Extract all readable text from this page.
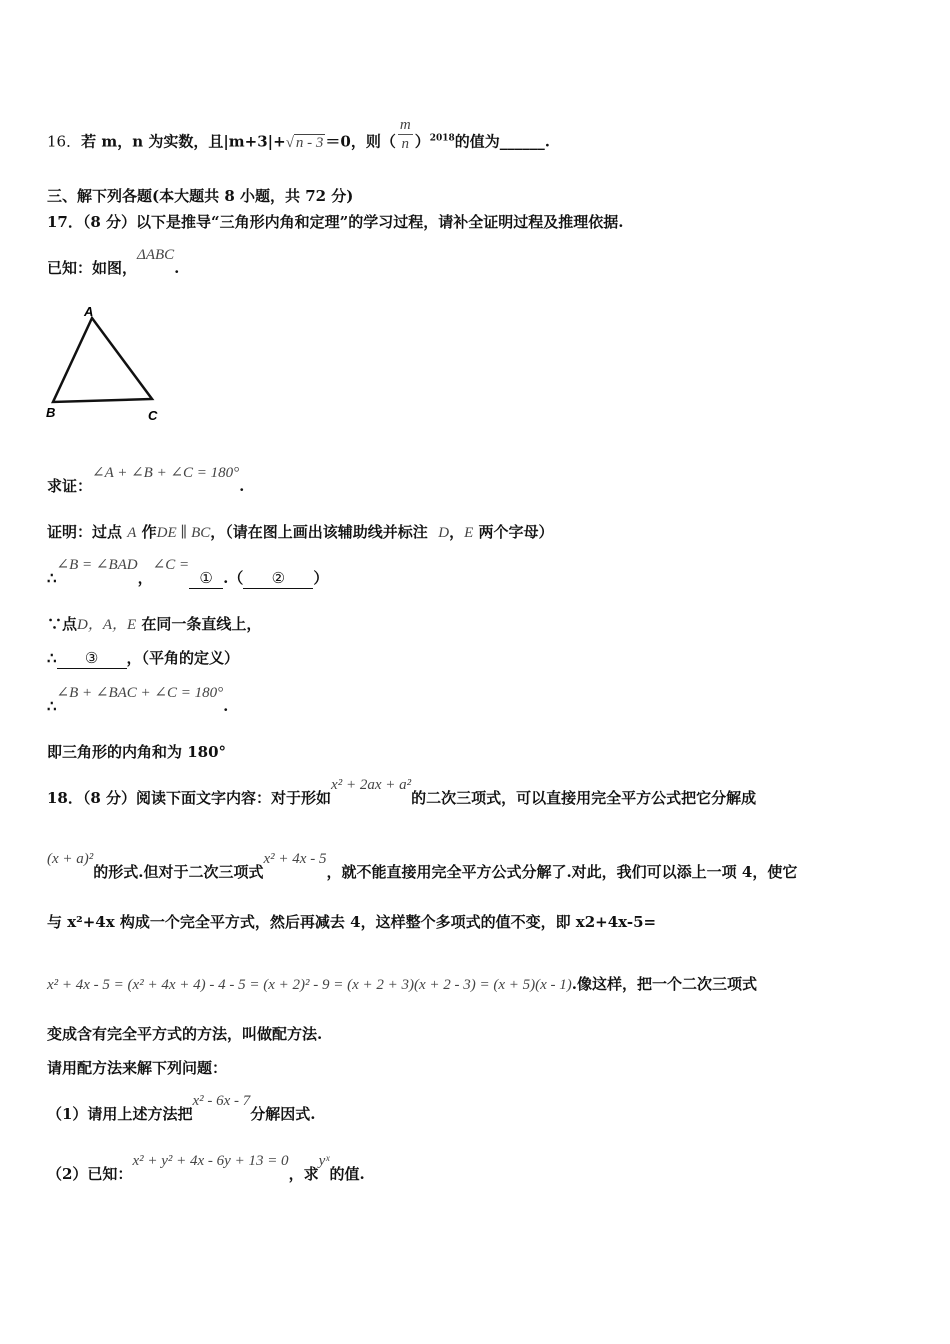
16．若 m，n 为实数，且|m+3|+√ n - 3 ＝0，则（ $\frac{m}{n} )^{2018}$的值为______.
三、解下列各题(本大题共 8 小题，共 72 分)
17．（8 分）以下是推导“三角形内角和定理”的学习过程，请补全证明过程及推理依据.
已知：如图，ΔABC.
A
B	C
求证：∠A + ∠B + ∠C = 180°.
证明：过点 A 作DE ∥ BC，（请在图上画出该辅助线并标注 D，E 两个字母）
∴∠B = ∠BAD，∠C =① .（ ② ）
∵点D，A，E 在同一条直线上，
∴ ③ ，（平角的定义）
∴∠B + ∠BAC + ∠C = 180°.
即三角形的内角和为 180°
18．（8 分）阅读下面文字内容：对于形如x² + 2ax + a²的二次三项式，可以直接用完全平方公式把它分解成
(x + a)²的形式.但对于二次三项式x² + 4x - 5，就不能直接用完全平方公式分解了.对此，我们可以添上一项 4，使它
与 x²+4x 构成一个完全平方式，然后再减去 4，这样整个多项式的值不变，即 x2+4x-5=
x² + 4x - 5 = (x² + 4x + 4) - 4 - 5 = (x + 2)² - 9 = (x + 2 + 3)(x + 2 - 3) = (x + 5)(x - 1).像这样，把一个二次三项式
变成含有完全平方式的方法，叫做配方法.
请用配方法来解下列问题：
（1）请用上述方法把x² - 6x - 7分解因式.
（2）已知：x² + y² + 4x - 6y + 13 = 0，求yˣ的值.
